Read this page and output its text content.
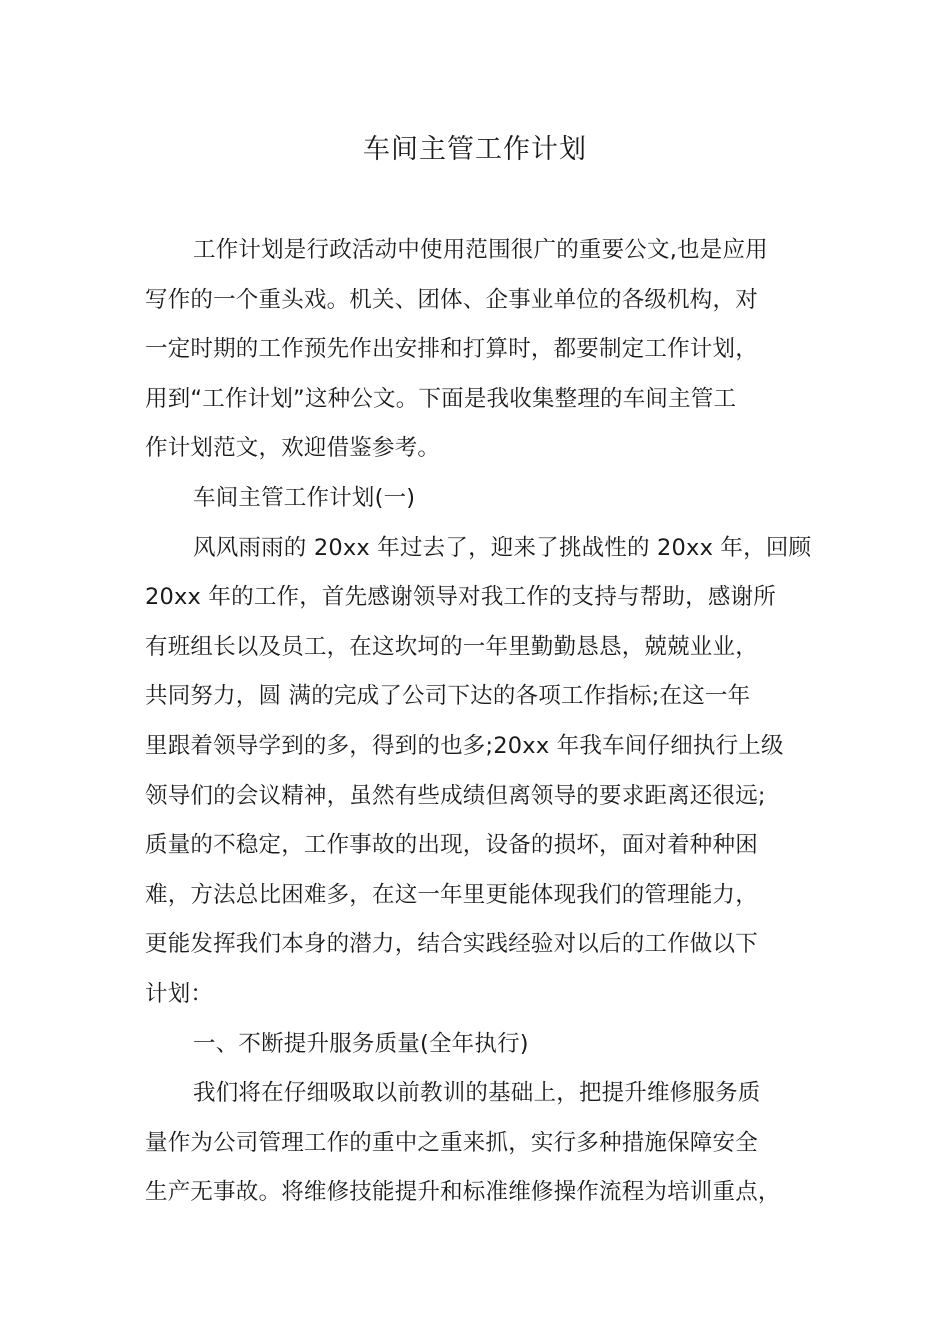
车间主管工作计划
工作计划是行政活动中使用范围很广的重要公文,也是应用
写作的一个重头戏。机关、团体、企事业单位的各级机构，对
一定时期的工作预先作出安排和打算时，都要制定工作计划，
用到“工作计划”这种公文。下面是我收集整理的车间主管工
作计划范文，欢迎借鉴参考。
车间主管工作计划(一)
风风雨雨的 20xx 年过去了，迎来了挑战性的 20xx 年，回顾
20xx 年的工作，首先感谢领导对我工作的支持与帮助，感谢所
有班组长以及员工，在这坎坷的一年里勤勤恳恳，兢兢业业，
共同努力，圆 满的完成了公司下达的各项工作指标;在这一年
里跟着领导学到的多，得到的也多;20xx 年我车间仔细执行上级
领导们的会议精神，虽然有些成绩但离领导的要求距离还很远;
质量的不稳定，工作事故的出现，设备的损坏，面对着种种困
难，方法总比困难多，在这一年里更能体现我们的管理能力，
更能发挥我们本身的潜力，结合实践经验对以后的工作做以下
计划：
一、不断提升服务质量(全年执行)
我们将在仔细吸取以前教训的基础上，把提升维修服务质
量作为公司管理工作的重中之重来抓，实行多种措施保障安全
生产无事故。将维修技能提升和标准维修操作流程为培训重点，
